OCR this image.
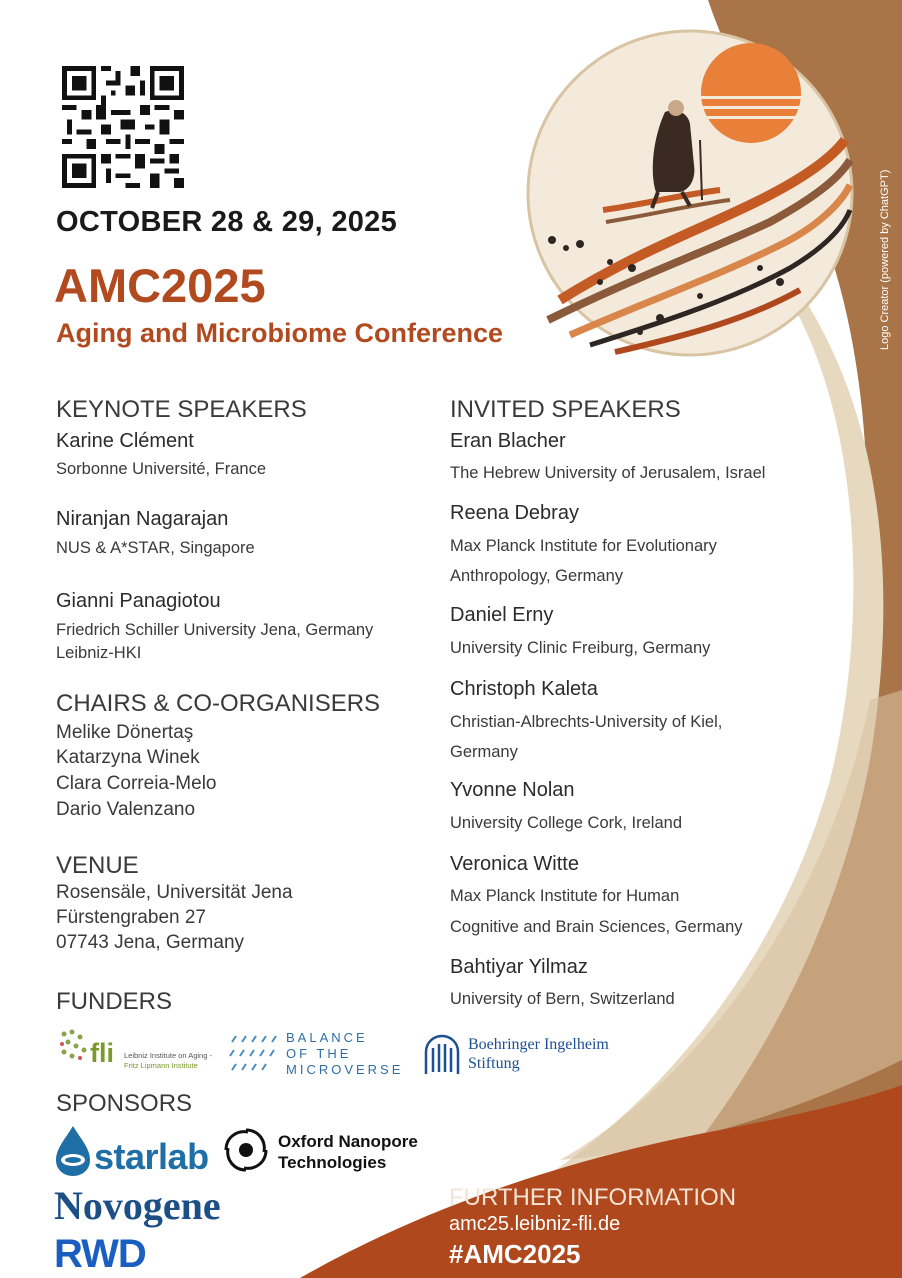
OCTOBER 28 & 29, 2025
AMC2025
Aging and Microbiome Conference	Logo Creator (powered by ChatGPT)
KEYNOTE SPEAKERS
Karine Clément
Sorbonne Université, France
Niranjan Nagarajan
NUS & A*STAR, Singapore
Gianni Panagiotou
Friedrich Schiller University Jena, Germany
Leibniz-HKI
CHAIRS & CO-ORGANISERS
Melike Dönertaş
Katarzyna Winek
Clara Correia-Melo
Dario Valenzano
VENUE
Rosensäle, Universität Jena
Fürstengraben 27
07743 Jena, Germany
INVITED SPEAKERS
Eran Blacher
The Hebrew University of Jerusalem, Israel
Reena Debray
Max Planck Institute for Evolutionary
Anthropology, Germany
Daniel Erny
University Clinic Freiburg, Germany
Christoph Kaleta
Christian-Albrechts-University of Kiel,
Germany
Yvonne Nolan
University College Cork, Ireland
Veronica Witte
Max Planck Institute for Human
Cognitive and Brain Sciences, Germany
Bahtiyar Yilmaz
University of Bern, Switzerland
FUNDERS
fli Leibniz Institute on Aging -
Fritz Lipmann Institute
BALANCE
OF THE
MICROVERSE
Boehringer Ingelheim
Stiftung
SPONSORS
starlab	Oxford Nanopore
Technologies
Novogene
RWD
FURTHER INFORMATION
amc25.leibniz-fli.de
#AMC2025
